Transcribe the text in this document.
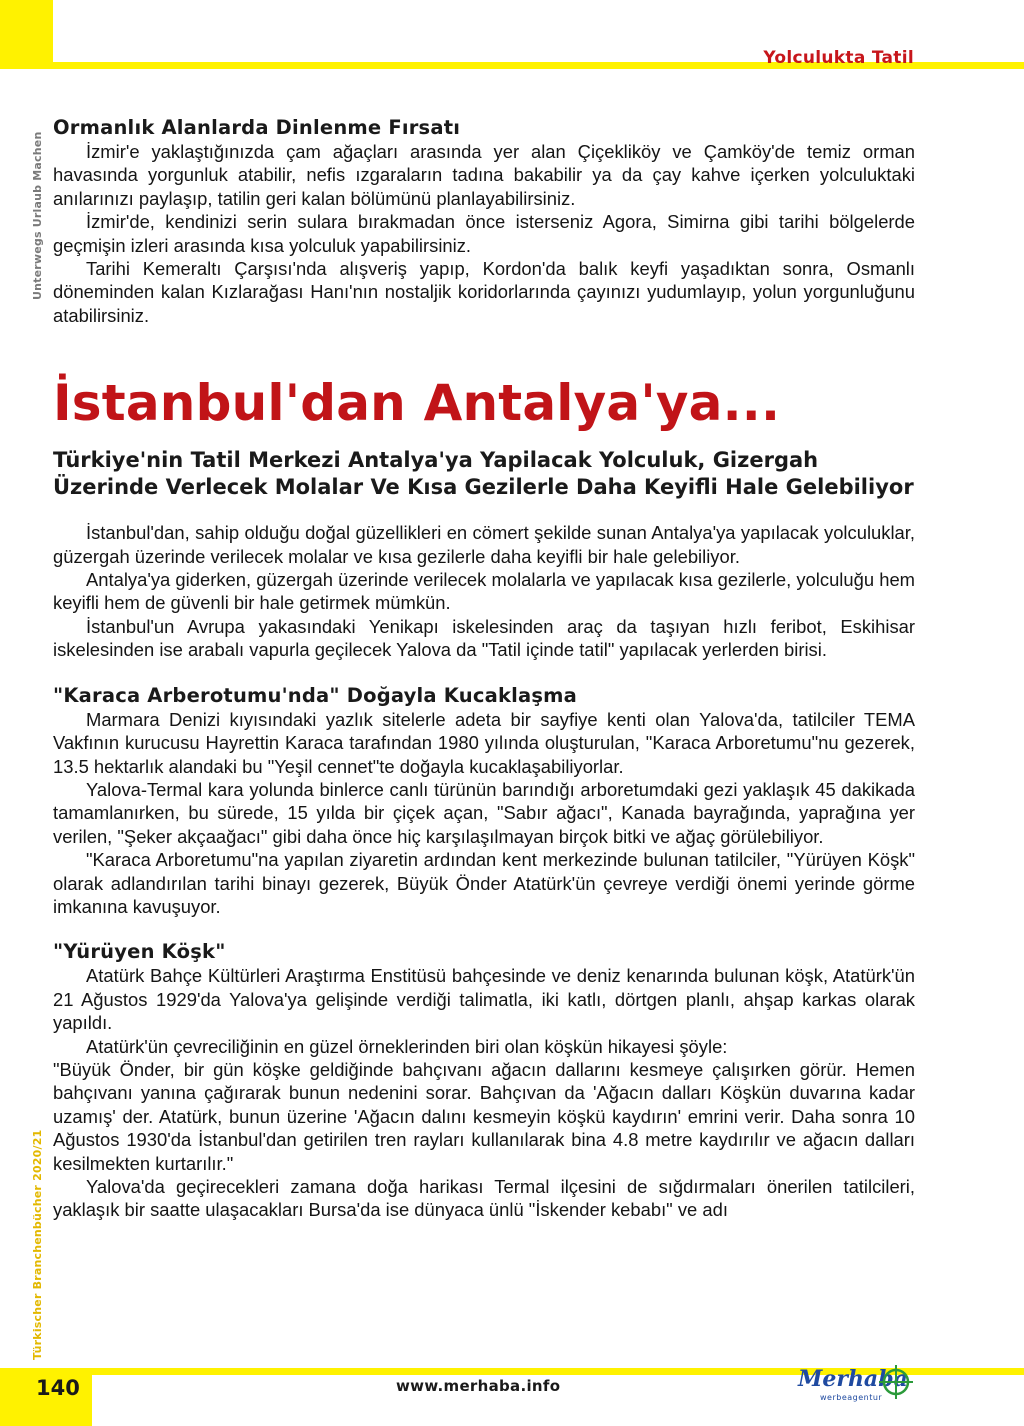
Yolculukta Tatil
Unterwegs Urlaub Machen
Türkischer Branchenbücher 2020/21
Ormanlık Alanlarda Dinlenme Fırsatı

İzmir'e yaklaştığınızda çam ağaçları arasında yer alan Çiçekliköy ve Çamköy'de temiz orman havasında yorgunluk atabilir, nefis ızgaraların tadına bakabilir ya da çay kahve içerken yolculuktaki anılarınızı paylaşıp, tatilin geri kalan bölümünü planlayabilirsiniz.

İzmir'de, kendinizi serin sulara bırakmadan önce isterseniz Agora, Simirna gibi tarihi bölgelerde geçmişin izleri arasında kısa yolculuk yapabilirsiniz.

Tarihi Kemeraltı Çarşısı'nda alışveriş yapıp, Kordon'da balık keyfi yaşadıktan sonra, Osmanlı döneminden kalan Kızlarağası Hanı'nın nostaljik koridorlarında çayınızı yudumlayıp, yolun yorgunluğunu atabilirsiniz.

İstanbul'dan Antalya'ya...
Türkiye'nin Tatil Merkezi Antalya'ya Yapilacak Yolculuk, Gizergah Üzerinde Verlecek Molalar Ve Kısa Gezilerle Daha Keyifli Hale Gelebiliyor

İstanbul'dan, sahip olduğu doğal güzellikleri en cömert şekilde sunan Antalya'ya yapılacak yolculuklar, güzergah üzerinde verilecek molalar ve kısa gezilerle daha keyifli bir hale gelebiliyor.

Antalya'ya giderken, güzergah üzerinde verilecek molalarla ve yapılacak kısa gezilerle, yolculuğu hem keyifli hem de güvenli bir hale getirmek mümkün.

İstanbul'un Avrupa yakasındaki Yenikapı iskelesinden araç da taşıyan hızlı feribot, Eskihisar iskelesinden ise arabalı vapurla geçilecek Yalova da "Tatil içinde tatil" yapılacak yerlerden birisi.

"Karaca Arberotumu'nda" Doğayla Kucaklaşma

Marmara Denizi kıyısındaki yazlık sitelerle adeta bir sayfiye kenti olan Yalova'da, tatilciler TEMA Vakfının kurucusu Hayrettin Karaca tarafından 1980 yılında oluşturulan, "Karaca Arboretumu"nu gezerek, 13.5 hektarlık alandaki bu "Yeşil cennet"te doğayla kucaklaşabiliyorlar.

Yalova-Termal kara yolunda binlerce canlı türünün barındığı arboretumdaki gezi yaklaşık 45 dakikada tamamlanırken, bu sürede, 15 yılda bir çiçek açan, "Sabır ağacı", Kanada bayrağında, yaprağına yer verilen, "Şeker akçaağacı" gibi daha önce hiç karşılaşılmayan birçok bitki ve ağaç görülebiliyor.

"Karaca Arboretumu"na yapılan ziyaretin ardından kent merkezinde bulunan tatilciler, "Yürüyen Köşk" olarak adlandırılan tarihi binayı gezerek, Büyük Önder Atatürk'ün çevreye verdiği önemi yerinde görme imkanına kavuşuyor.

"Yürüyen Köşk"

Atatürk Bahçe Kültürleri Araştırma Enstitüsü bahçesinde ve deniz kenarında bulunan köşk, Atatürk'ün 21 Ağustos 1929'da Yalova'ya gelişinde verdiği talimatla, iki katlı, dörtgen planlı, ahşap karkas olarak yapıldı.

Atatürk'ün çevreciliğinin en güzel örneklerinden biri olan köşkün hikayesi şöyle:

"Büyük Önder, bir gün köşke geldiğinde bahçıvanı ağacın dallarını kesmeye çalışırken görür. Hemen bahçıvanı yanına çağırarak bunun nedenini sorar. Bahçıvan da 'Ağacın dalları Köşkün duvarına kadar uzamış' der. Atatürk, bunun üzerine 'Ağacın dalını kesmeyin köşkü kaydırın' emrini verir. Daha sonra 10 Ağustos 1930'da İstanbul'dan getirilen tren rayları kullanılarak bina 4.8 metre kaydırılır ve ağacın dalları kesilmekten kurtarılır."

Yalova'da geçirecekleri zamana doğa harikası Termal ilçesini de sığdırmaları önerilen tatilcileri, yaklaşık bir saatte ulaşacakları Bursa'da ise dünyaca ünlü "İskender kebabı" ve adı

140	www.merhaba.info	Merhaba
werbeagentur
